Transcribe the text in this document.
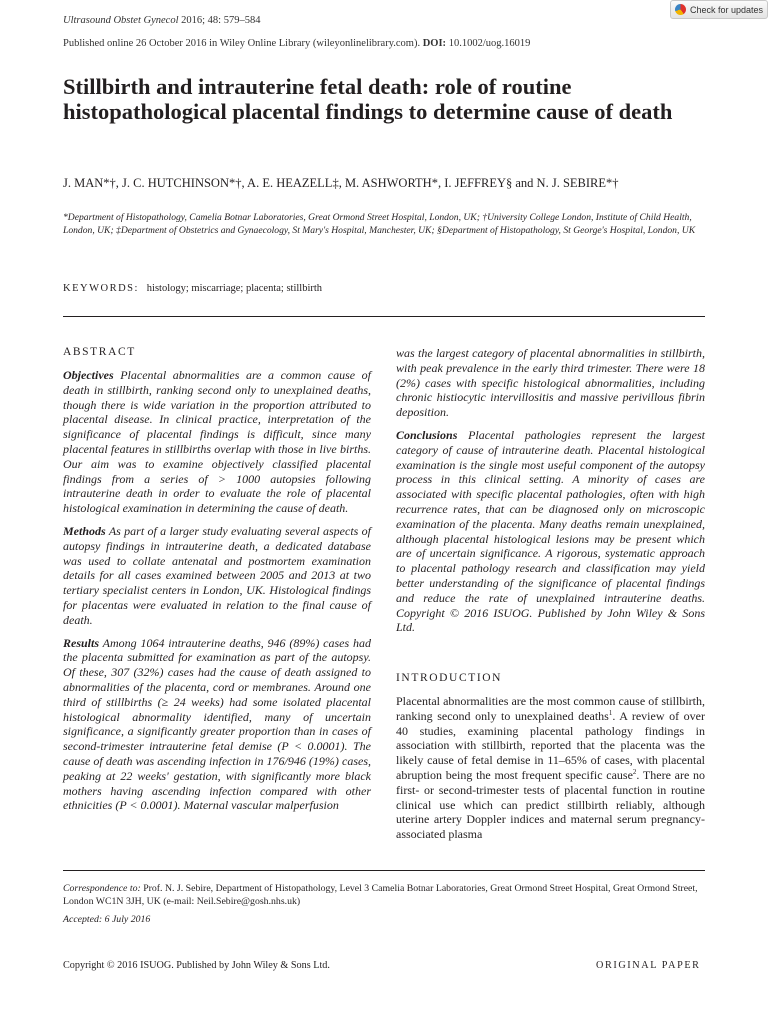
Ultrasound Obstet Gynecol 2016; 48: 579–584
Published online 26 October 2016 in Wiley Online Library (wileyonlinelibrary.com). DOI: 10.1002/uog.16019
Check for updates
Stillbirth and intrauterine fetal death: role of routine histopathological placental findings to determine cause of death
J. MAN*†, J. C. HUTCHINSON*†, A. E. HEAZELL‡, M. ASHWORTH*, I. JEFFREY§ and N. J. SEBIRE*†
*Department of Histopathology, Camelia Botnar Laboratories, Great Ormond Street Hospital, London, UK; †University College London, Institute of Child Health, London, UK; ‡Department of Obstetrics and Gynaecology, St Mary's Hospital, Manchester, UK; §Department of Histopathology, St George's Hospital, London, UK
KEYWORDS: histology; miscarriage; placenta; stillbirth
ABSTRACT

Objectives Placental abnormalities are a common cause of death in stillbirth, ranking second only to unexplained deaths, though there is wide variation in the proportion attributed to placental disease. In clinical practice, interpretation of the significance of placental findings is difficult, since many placental features in stillbirths overlap with those in live births. Our aim was to examine objectively classified placental findings from a series of > 1000 autopsies following intrauterine death in order to evaluate the role of placental histological examination in determining the cause of death.

Methods As part of a larger study evaluating several aspects of autopsy findings in intrauterine death, a dedicated database was used to collate antenatal and postmortem examination details for all cases examined between 2005 and 2013 at two tertiary specialist centers in London, UK. Histological findings for placentas were evaluated in relation to the final cause of death.

Results Among 1064 intrauterine deaths, 946 (89%) cases had the placenta submitted for examination as part of the autopsy. Of these, 307 (32%) cases had the cause of death assigned to abnormalities of the placenta, cord or membranes. Around one third of stillbirths (≥ 24 weeks) had some isolated placental histological abnormality identified, many of uncertain significance, a significantly greater proportion than in cases of second-trimester intrauterine fetal demise (P < 0.0001). The cause of death was ascending infection in 176/946 (19%) cases, peaking at 22 weeks' gestation, with significantly more black mothers having ascending infection compared with other ethnicities (P < 0.0001). Maternal vascular malperfusion

was the largest category of placental abnormalities in stillbirth, with peak prevalence in the early third trimester. There were 18 (2%) cases with specific histological abnormalities, including chronic histiocytic intervillositis and massive perivillous fibrin deposition.

Conclusions Placental pathologies represent the largest category of cause of intrauterine death. Placental histological examination is the single most useful component of the autopsy process in this clinical setting. A minority of cases are associated with specific placental pathologies, often with high recurrence rates, that can be diagnosed only on microscopic examination of the placenta. Many deaths remain unexplained, although placental histological lesions may be present which are of uncertain significance. A rigorous, systematic approach to placental pathology research and classification may yield better understanding of the significance of placental findings and reduce the rate of unexplained intrauterine deaths. Copyright © 2016 ISUOG. Published by John Wiley & Sons Ltd.

INTRODUCTION
Placental abnormalities are the most common cause of stillbirth, ranking second only to unexplained deaths$^1$. A review of over 40 studies, examining placental pathology findings in association with stillbirth, reported that the placenta was the likely cause of fetal demise in 11–65% of cases, with placental abruption being the most frequent specific cause$^2$. There are no first- or second-trimester tests of placental function in routine clinical use which can predict stillbirth reliably, although uterine artery Doppler indices and maternal serum pregnancy-associated plasma
Correspondence to: Prof. N. J. Sebire, Department of Histopathology, Level 3 Camelia Botnar Laboratories, Great Ormond Street Hospital, Great Ormond Street, London WC1N 3JH, UK (e-mail: Neil.Sebire@gosh.nhs.uk)
Accepted: 6 July 2016
Copyright © 2016 ISUOG. Published by John Wiley & Sons Ltd.	ORIGINAL PAPER
